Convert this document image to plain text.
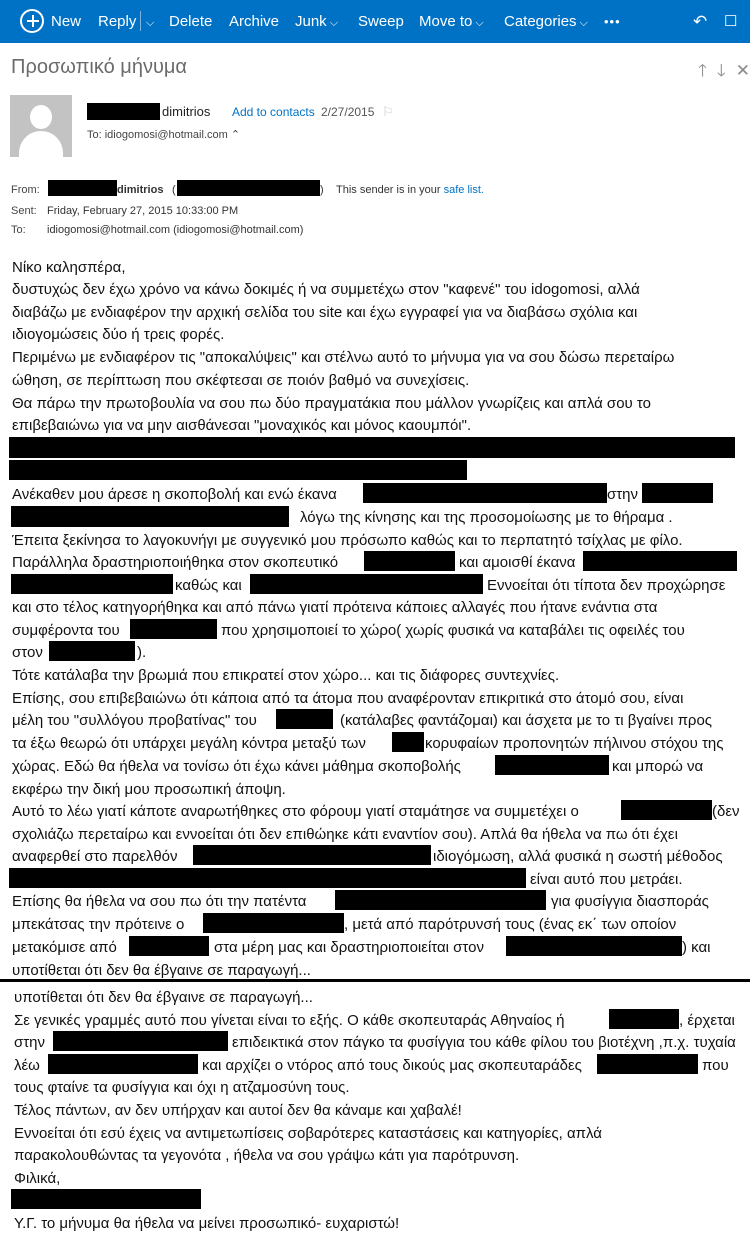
New Reply ⌵ Delete Archive Junk ⌵ Sweep Move to ⌵ Categories ⌵ •••	↶ ☐
Προσωπικό μήνυμα	🡑 🡓 ✕
dimitrios Add to contacts 2/27/2015 ⚐
To: idiogomosi@hotmail.com ⌃
From:	dimitrios (	) This sender is in your safe list.
Sent: Friday, February 27, 2015 10:33:00 PM
To: idiogomosi@hotmail.com (idiogomosi@hotmail.com)
Νίκο καλησπέρα,
δυστυχώς δεν έχω χρόνο να κάνω δοκιμές ή να συμμετέχω στον "καφενέ" του idogomosi, αλλά
διαβάζω με ενδιαφέρον την αρχική σελίδα του site και έχω εγγραφεί για να διαβάσω σχόλια και
ιδιογομώσεις δύο ή τρεις φορές.
Περιμένω με ενδιαφέρον τις "αποκαλύψεις" και στέλνω αυτό το μήνυμα για να σου δώσω περεταίρω
ώθηση, σε περίπτωση που σκέφτεσαι σε ποιόν βαθμό να συνεχίσεις.
Θα πάρω την πρωτοβουλία να σου πω δύο πραγματάκια που μάλλον γνωρίζεις και απλά σου το
επιβεβαιώνω για να μην αισθάνεσαι "μοναχικός και μόνος καουμπόι".
Ανέκαθεν μου άρεσε η σκοποβολή και ενώ έκανα	στην
λόγω της κίνησης και της προσομοίωσης με το θήραμα .
Έπειτα ξεκίνησα το λαγοκυνήγι με συγγενικό μου πρόσωπο καθώς και το περπατητό τσίχλας με φίλο.
Παράλληλα δραστηριοποιήθηκα στον σκοπευτικό	και αμοισθί έκανα
καθώς και	Εννοείται ότι τίποτα δεν προχώρησε
και στο τέλος κατηγορήθηκα και από πάνω γιατί πρότεινα κάποιες αλλαγές που ήτανε ενάντια στα
συμφέροντα του	που χρησιμοποιεί το χώρο( χωρίς φυσικά να καταβάλει τις οφειλές του
στον	).
Τότε κατάλαβα την βρωμιά που επικρατεί στον χώρο... και τις διάφορες συντεχνίες.
Επίσης, σου επιβεβαιώνω ότι κάποια από τα άτομα που αναφέρονταν επικριτικά στο άτομό σου, είναι
μέλη του "συλλόγου προβατίνας" του	(κατάλαβες φαντάζομαι) και άσχετα με το τι βγαίνει προς
τα έξω θεωρώ ότι υπάρχει μεγάλη κόντρα μεταξύ των	κορυφαίων προπονητών πήλινου στόχου της
χώρας. Εδώ θα ήθελα να τονίσω ότι έχω κάνει μάθημα σκοποβολής	και μπορώ να
εκφέρω την δική μου προσωπική άποψη.
Αυτό το λέω γιατί κάποτε αναρωτήθηκες στο φόρουμ γιατί σταμάτησε να συμμετέχει ο	(δεν
σχολιάζω περεταίρω και εννοείται ότι δεν επιθώηκε κάτι εναντίον σου). Απλά θα ήθελα να πω ότι έχει
αναφερθεί στο παρελθόν	ιδιογόμωση, αλλά φυσικά η σωστή μέθοδος
είναι αυτό που μετράει.
Επίσης θα ήθελα να σου πω ότι την πατέντα	για φυσίγγια διασποράς
μπεκάτσας την πρότεινε ο	, μετά από παρότρυνσή τους (ένας εκ΄ των οποίον
μετακόμισε από	στα μέρη μας και δραστηριοποιείται στον	) και
υποτίθεται ότι δεν θα έβγαινε σε παραγωγή...
υποτίθεται ότι δεν θα έβγαινε σε παραγωγή...
Σε γενικές γραμμές αυτό που γίνεται είναι το εξής. Ο κάθε σκοπευταράς Αθηναίος ή	, έρχεται
στην	επιδεικτικά στον πάγκο τα φυσίγγια του κάθε φίλου του βιοτέχνη ,π.χ. τυχαία
λέω	και αρχίζει ο ντόρος από τους δικούς μας σκοπευταράδες	που
τους φταίνε τα φυσίγγια και όχι η ατζαμοσύνη τους.
Τέλος πάντων, αν δεν υπήρχαν και αυτοί δεν θα κάναμε και χαβαλέ!
Εννοείται ότι εσύ έχεις να αντιμετωπίσεις σοβαρότερες καταστάσεις και κατηγορίες, απλά
παρακολουθώντας τα γεγονότα , ήθελα να σου γράψω κάτι για παρότρυνση.
Φιλικά,
Υ.Γ. το μήνυμα θα ήθελα να μείνει προσωπικό- ευχαριστώ!
